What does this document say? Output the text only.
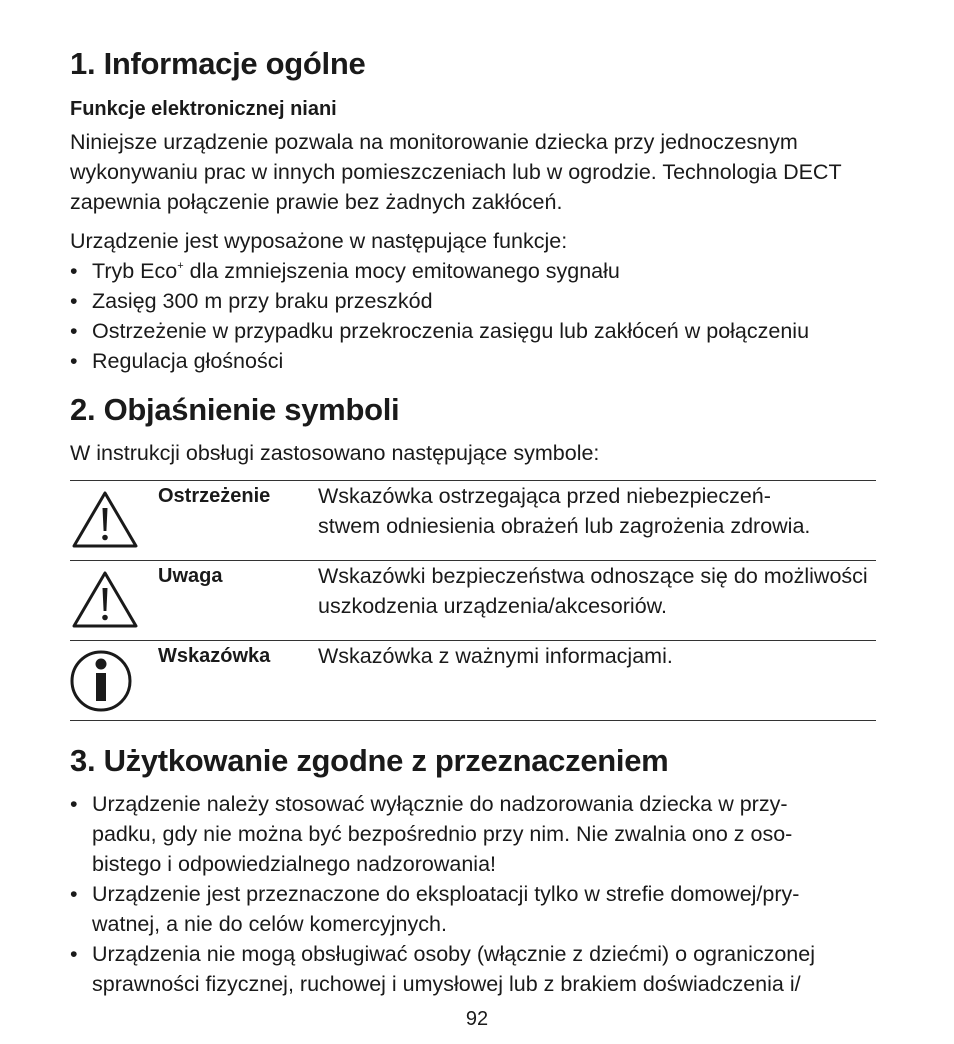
1. Informacje ogólne
Funkcje elektronicznej niani

Niniejsze urządzenie pozwala na monitorowanie dziecka przy jednoczesnym wykonywaniu prac w innych pomieszczeniach lub w ogrodzie. Technologia DECT zapewnia połączenie prawie bez żadnych zakłóceń.

Urządzenie jest wyposażone w następujące funkcje:

• Tryb Eco+ dla zmniejszenia mocy emitowanego sygnału
• Zasięg 300 m przy braku przeszkód
• Ostrzeżenie w przypadku przekroczenia zasięgu lub zakłóceń w połączeniu
• Regulacja głośności
2. Objaśnienie symboli

W instrukcji obsługi zastosowano następujące symbole:

	Ostrzeżenie	Wskazówka ostrzegająca przed niebezpieczeń-
stwem odniesienia obrażeń lub zagrożenia zdrowia.

	Uwaga	Wskazówki bezpieczeństwa odnoszące się do możliwości uszkodzenia urządzenia/akcesoriów.

	Wskazówka	Wskazówka z ważnymi informacjami.
3. Użytkowanie zgodne z przeznaczeniem
• Urządzenie należy stosować wyłącznie do nadzorowania dziecka w przy-
padku, gdy nie można być bezpośrednio przy nim. Nie zwalnia ono z oso-
bistego i odpowiedzialnego nadzorowania!
• Urządzenie jest przeznaczone do eksploatacji tylko w strefie domowej/pry-
watnej, a nie do celów komercyjnych.
• Urządzenia nie mogą obsługiwać osoby (włącznie z dziećmi) o ograniczonej
sprawności fizycznej, ruchowej i umysłowej lub z brakiem doświadczenia i/
92
